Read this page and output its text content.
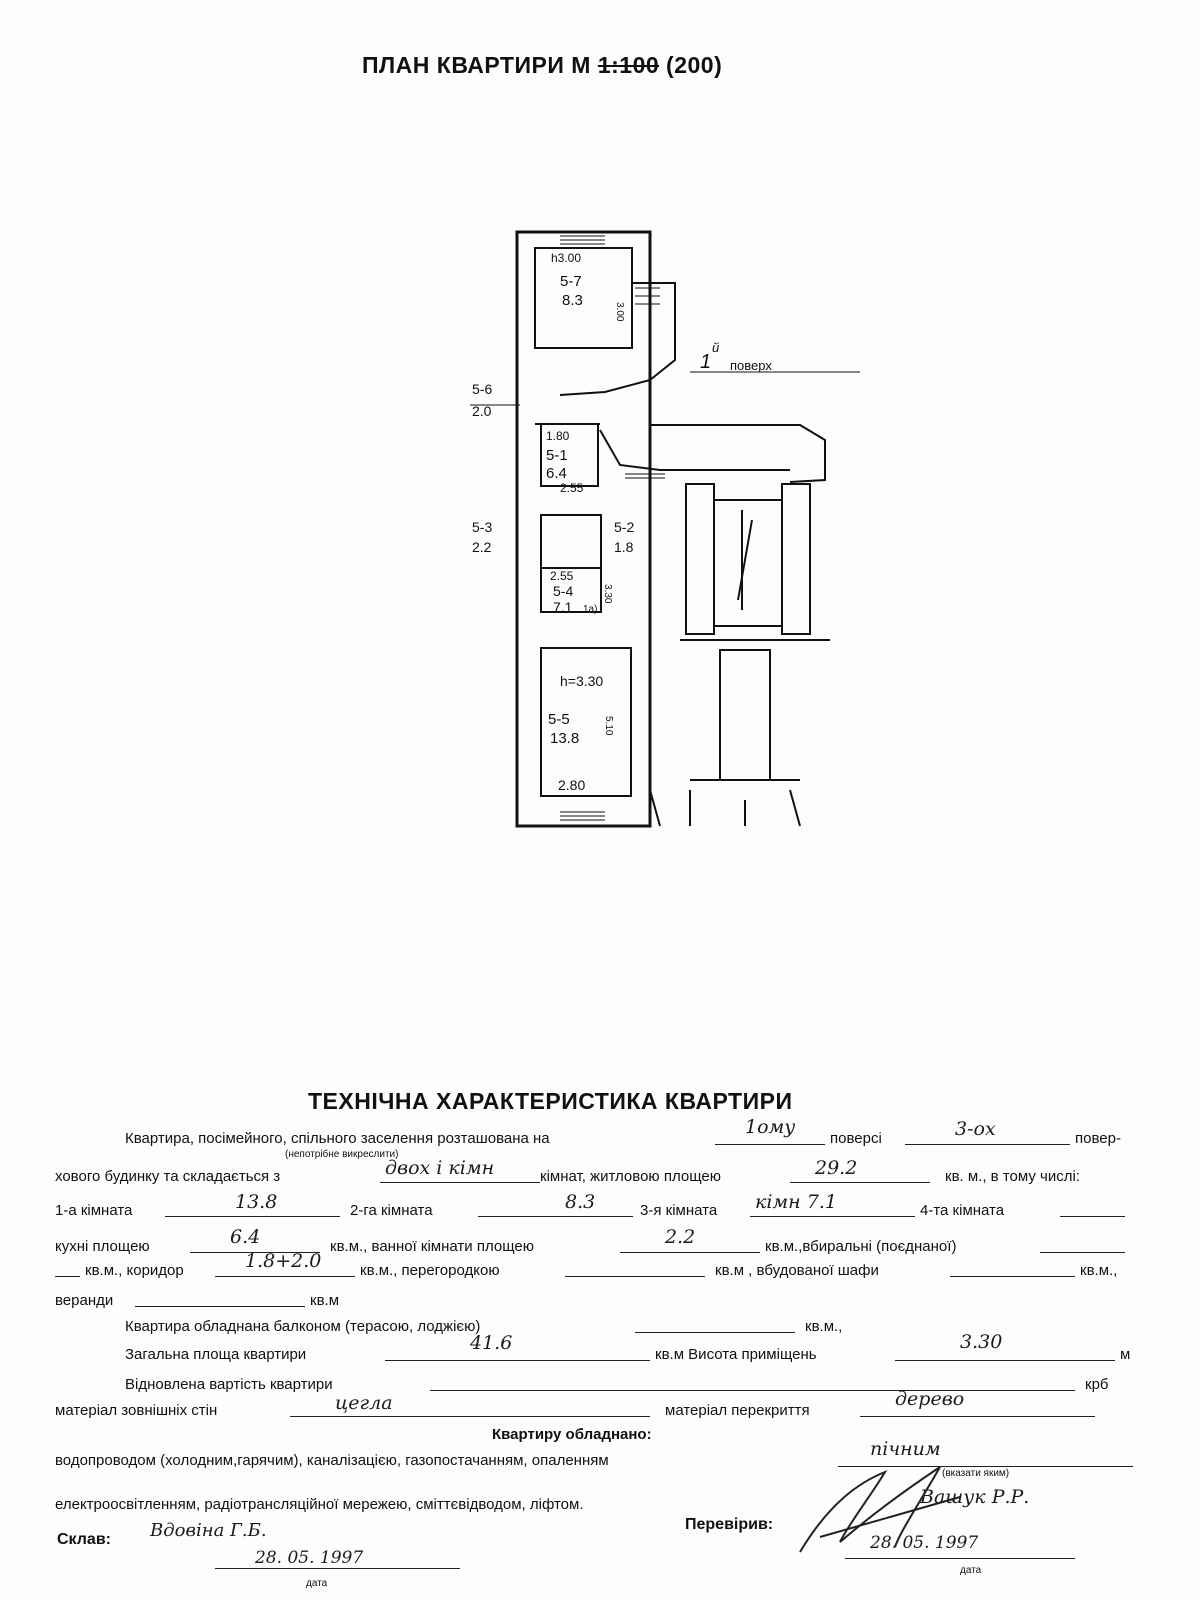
ПЛАН КВАРТИРИ М 1:100 (200)
h3.00
5-7
8.3
5-6
2.0
1.80
5-1
6.4
2.55
5-3
2.2
5-2
1.8
2.55
5-4
7.1 1а)
h=3.30
5-5
13.8
2.80
3.00
3.30
5.10
1
й
поверх
ТЕХНІЧНА ХАРАКТЕРИСТИКА КВАРТИРИ
Квартира, посімейного, спільного заселення розташована на	поверсі	повер-
1ому	3-ох
(непотрібне викреслити)
хового будинку та складається з	кімнат, житловою площею	кв. м., в тому числі:
двох і кімн	29.2
1-а кімната	2-га кімната	3-я кімната	4-та кімната
13.8	8.3	кімн 7.1
кухні площею	кв.м., ванної кімнати площею	кв.м.,вбиральні (поєднаної)
6.4	2.2
кв.м., коридор	кв.м., перегородкою	кв.м , вбудованої шафи	кв.м.,
1.8+2.0
веранди	кв.м
Квартира обладнана балконом (терасою, лоджією)	кв.м.,
Загальна площа квартири	кв.м Висота приміщень	м
41.6	3.30
Відновлена вартість квартири	крб
матеріал зовнішніх стін	матеріал перекриття
цегла	дерево
Квартиру обладнано:
водопроводом (холодним,гарячим), каналізацією, газопостачанням, опаленням
пічним
(вказати яким)
електроосвітленням, радіотрансляційної мережею, сміттєвідводом, ліфтом.
Склав: Вдовіна Г.Б.
28. 05. 1997
дата
Перевірив:
Вашук Р.Р.
28. 05. 1997
дата
